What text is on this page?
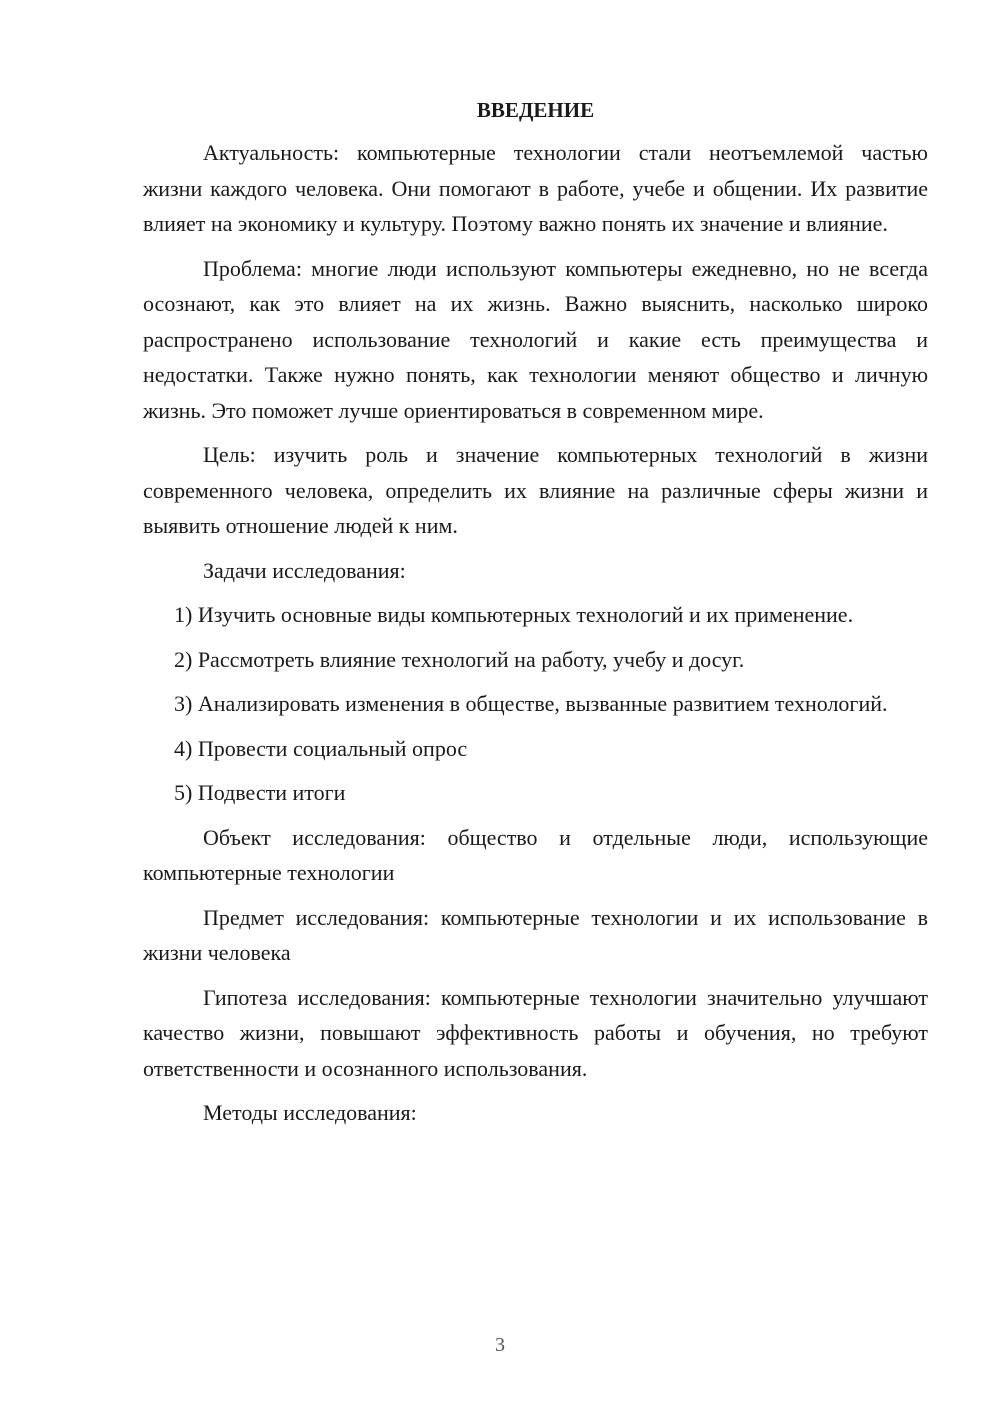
ВВЕДЕНИЕ

Актуальность: компьютерные технологии стали неотъемлемой частью жизни каждого человека. Они помогают в работе, учебе и общении. Их развитие влияет на экономику и культуру. Поэтому важно понять их значение и влияние.

Проблема: многие люди используют компьютеры ежедневно, но не всегда осознают, как это влияет на их жизнь. Важно выяснить, насколько широко распространено использование технологий и какие есть преимущества и недостатки. Также нужно понять, как технологии меняют общество и личную жизнь. Это поможет лучше ориентироваться в современном мире.

Цель: изучить роль и значение компьютерных технологий в жизни современного человека, определить их влияние на различные сферы жизни и выявить отношение людей к ним.

Задачи исследования:

1) Изучить основные виды компьютерных технологий и их применение.

2) Рассмотреть влияние технологий на работу, учебу и досуг.

3) Анализировать изменения в обществе, вызванные развитием технологий.

4) Провести социальный опрос

5) Подвести итоги

Объект исследования: общество и отдельные люди, использующие компьютерные технологии

Предмет исследования: компьютерные технологии и их использование в жизни человека

Гипотеза исследования: компьютерные технологии значительно улучшают качество жизни, повышают эффективность работы и обучения, но требуют ответственности и осознанного использования.

Методы исследования:

3
